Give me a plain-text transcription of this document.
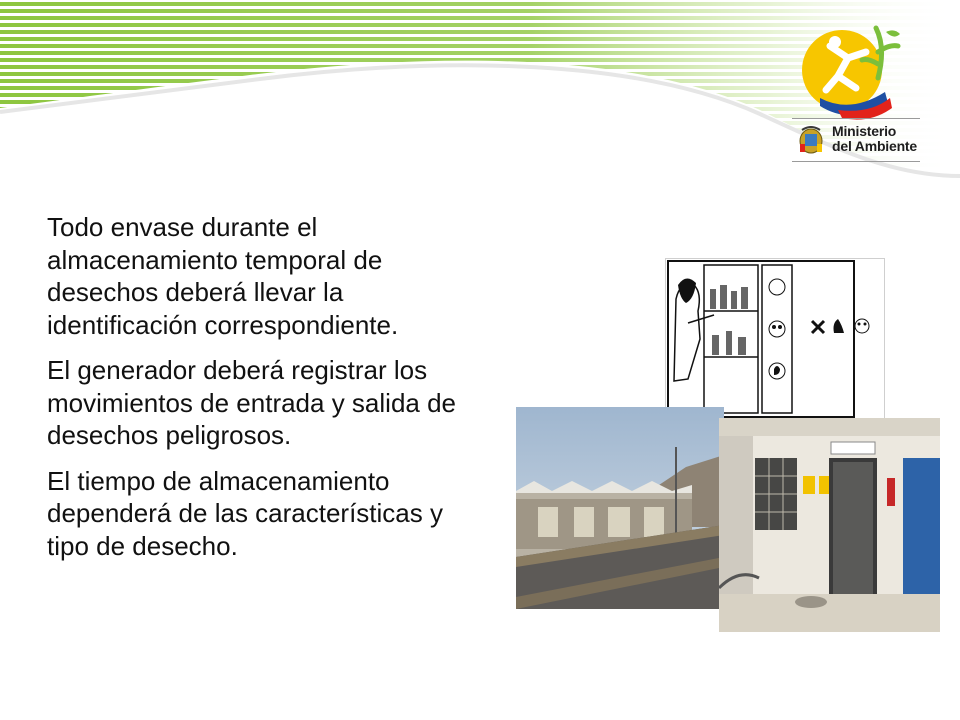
Ministerio
del Ambiente

Todo envase durante el almacenamiento temporal de desechos deberá llevar la identificación correspondiente.

El generador deberá registrar los movimientos de entrada y salida de desechos peligrosos.

El tiempo de almacenamiento dependerá de las características y tipo de desecho.
